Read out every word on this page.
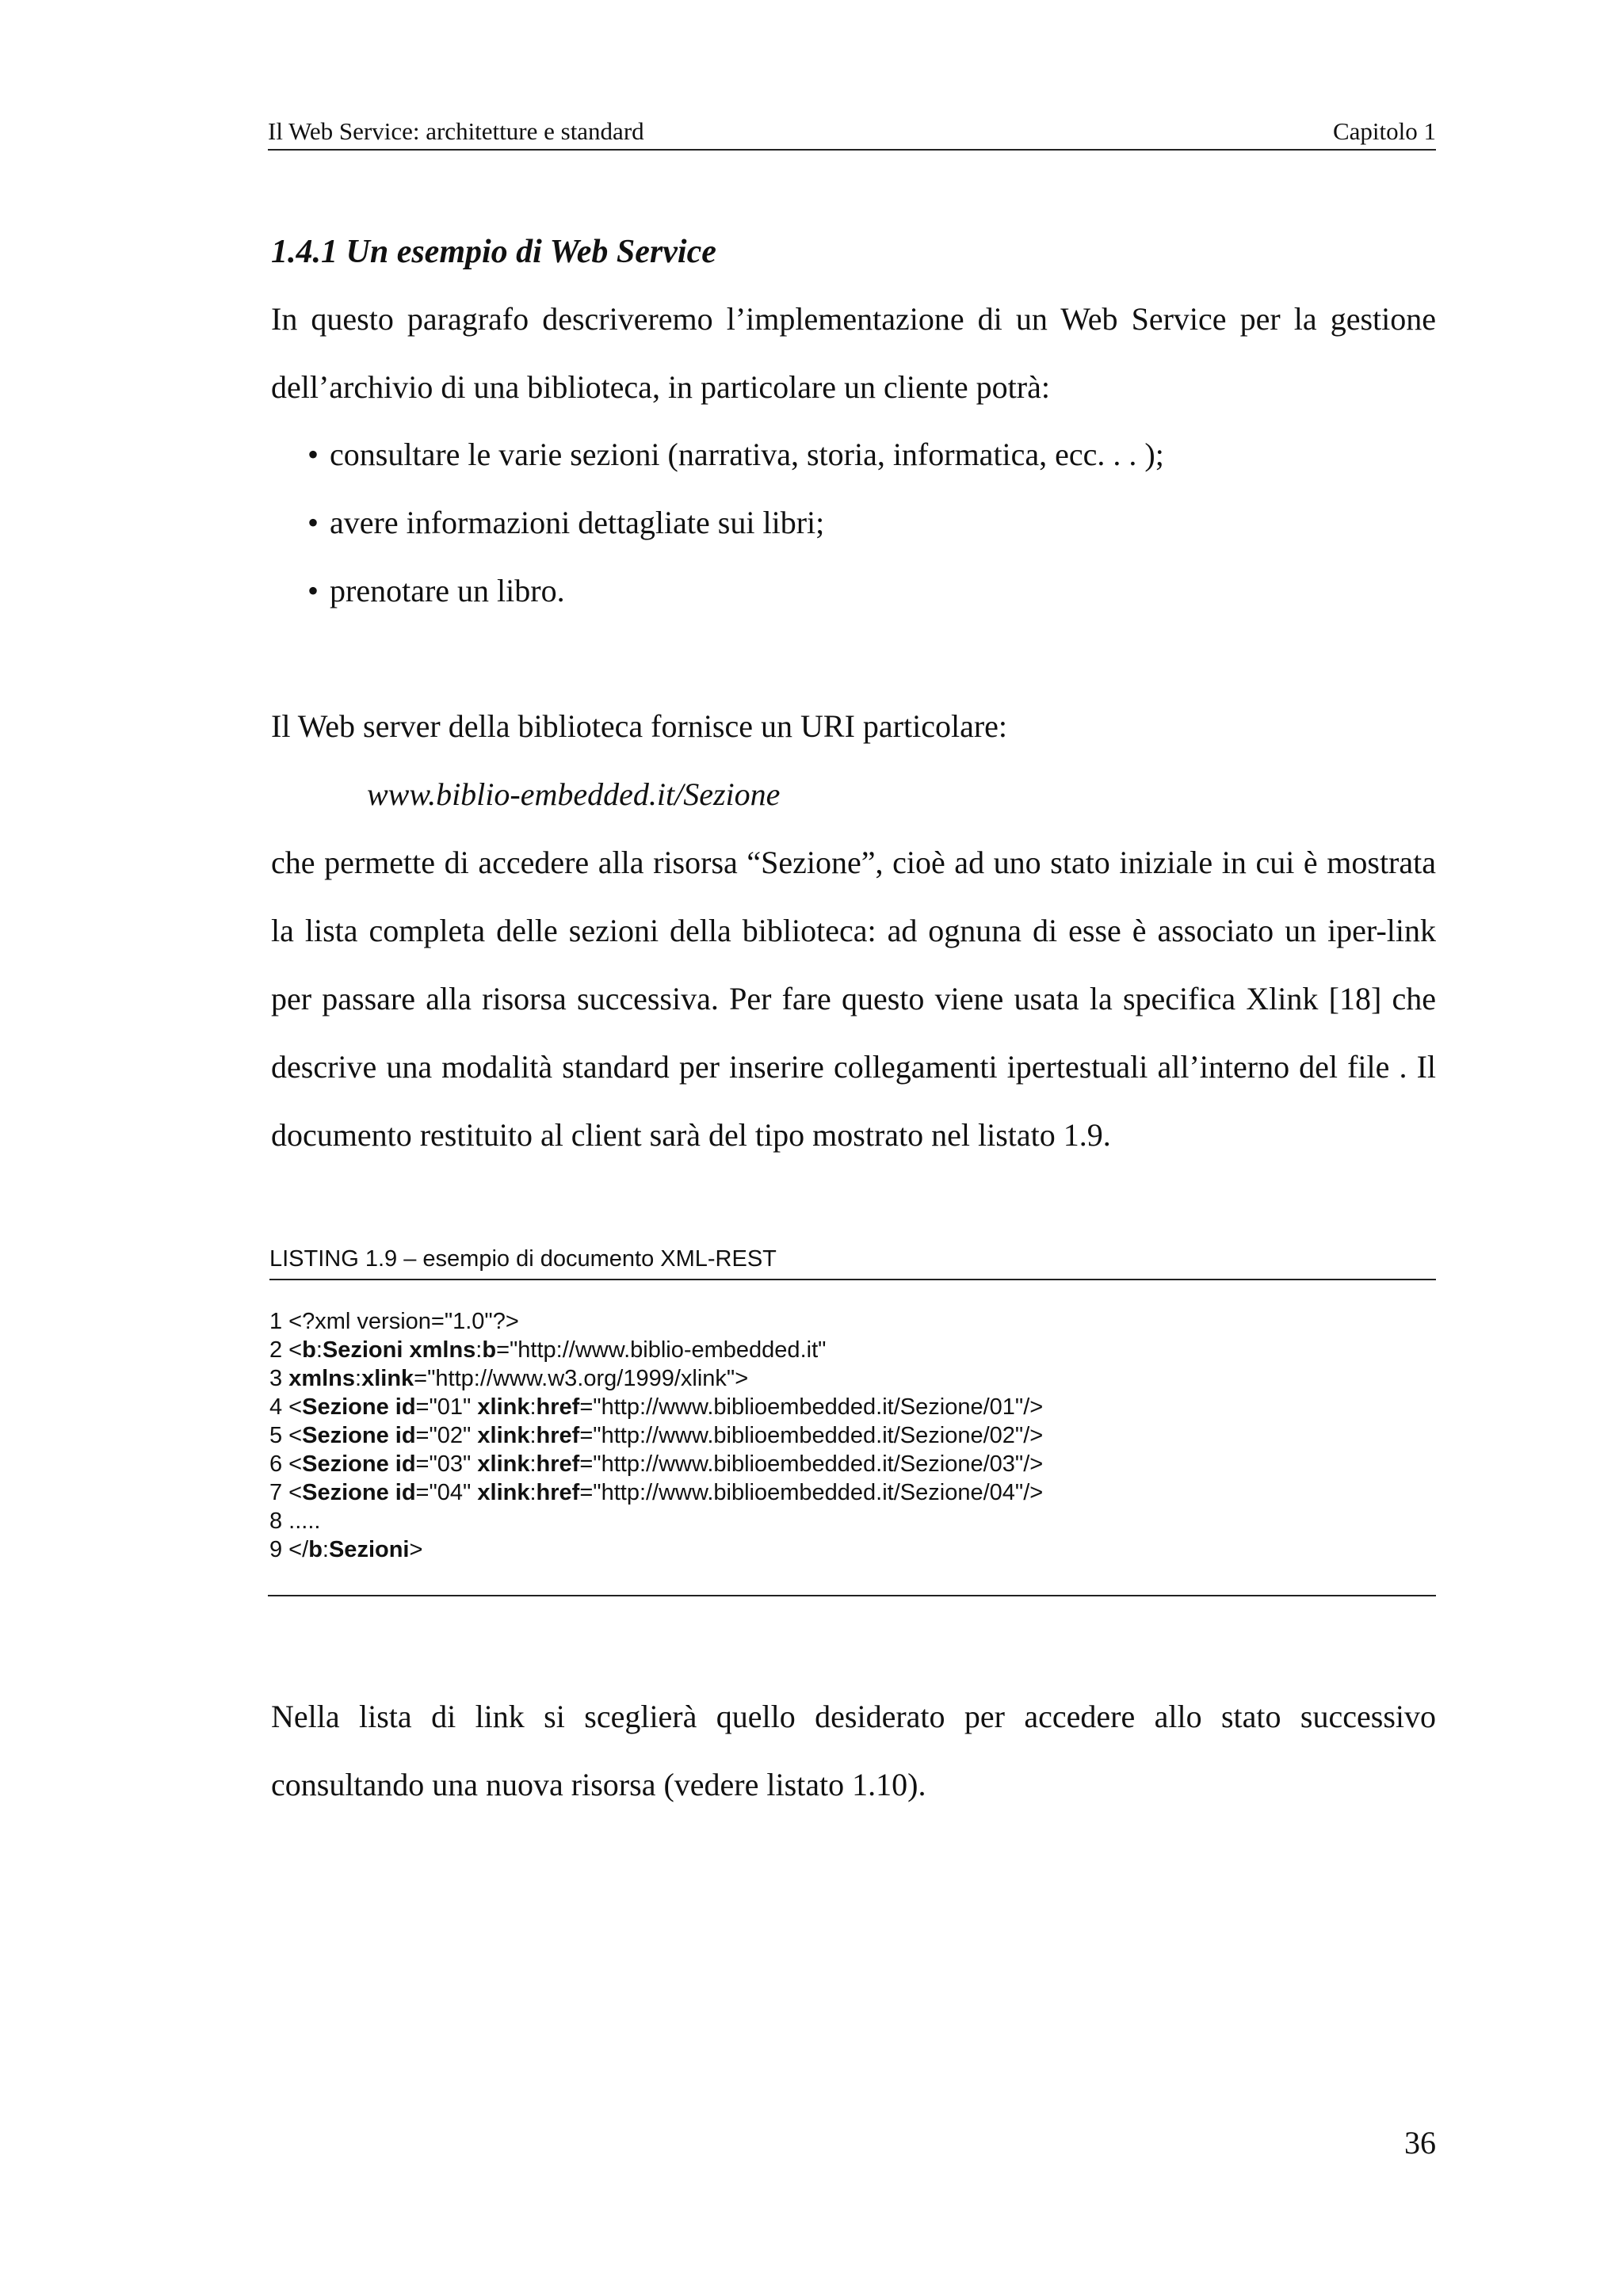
Il Web Service: architetture e standard	Capitolo 1
1.4.1 Un esempio di Web Service

In questo paragrafo descriveremo l’implementazione di un Web Service per la gestione dell’archivio di una biblioteca, in particolare un cliente potrà:

• consultare le varie sezioni (narrativa, storia, informatica, ecc. . . );
• avere informazioni dettagliate sui libri;
• prenotare un libro.

Il Web server della biblioteca fornisce un URI particolare:

www.biblio-embedded.it/Sezione

che permette di accedere alla risorsa “Sezione”, cioè ad uno stato iniziale in cui è mostrata la lista completa delle sezioni della biblioteca: ad ognuna di esse è associato un iper-link per passare alla risorsa successiva. Per fare questo viene usata la specifica Xlink [18] che descrive una modalità standard per inserire collegamenti ipertestuali all’interno del file . Il documento restituito al client sarà del tipo mostrato nel listato 1.9.

LISTING 1.9 – esempio di documento XML-REST
1 <?xml version="1.0"?>
2 <b:Sezioni xmlns:b="http://www.biblio-embedded.it"
3 xmlns:xlink="http://www.w3.org/1999/xlink">
4 <Sezione id="01" xlink:href="http://www.biblioembedded.it/Sezione/01"/>
5 <Sezione id="02" xlink:href="http://www.biblioembedded.it/Sezione/02"/>
6 <Sezione id="03" xlink:href="http://www.biblioembedded.it/Sezione/03"/>
7 <Sezione id="04" xlink:href="http://www.biblioembedded.it/Sezione/04"/>
8 .....
9 </b:Sezioni>

Nella lista di link si sceglierà quello desiderato per accedere allo stato successivo consultando una nuova risorsa (vedere listato 1.10).

36
